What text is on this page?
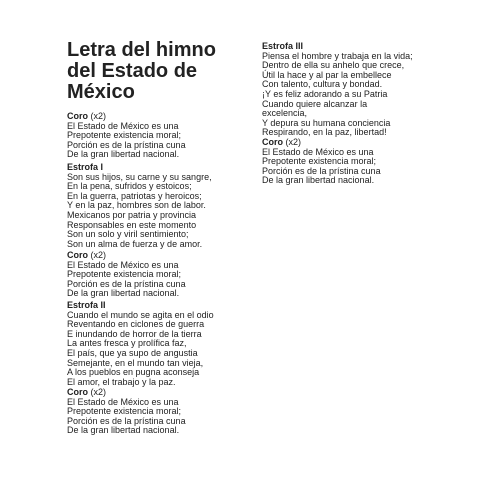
Letra del himno
del Estado de
México
Coro (x2)
El Estado de México es una
Prepotente existencia moral;
Porción es de la prístina cuna
De la gran libertad nacional.
Estrofa I
Son sus hijos, su carne y su sangre,
En la pena, sufridos y estoicos;
En la guerra, patriotas y heroicos;
Y en la paz, hombres son de labor.
Mexicanos por patria y provincia
Responsables en este momento
Son un solo y viril sentimiento;
Son un alma de fuerza y de amor.
Coro (x2)
El Estado de México es una
Prepotente existencia moral;
Porción es de la prístina cuna
De la gran libertad nacional.
Estrofa II
Cuando el mundo se agita en el odio
Reventando en ciclones de guerra
E inundando de horror de la tierra
La antes fresca y prolífica faz,
El país, que ya supo de angustia
Semejante, en el mundo tan vieja,
A los pueblos en pugna aconseja
El amor, el trabajo y la paz.
Coro (x2)
El Estado de México es una
Prepotente existencia moral;
Porción es de la prístina cuna
De la gran libertad nacional.
Estrofa III
Piensa el hombre y trabaja en la vida;
Dentro de ella su anhelo que crece,
Útil la hace y al par la embellece
Con talento, cultura y bondad.
¡Y es feliz adorando a su Patria
Cuando quiere alcanzar la
excelencia,
Y depura su humana conciencia
Respirando, en la paz, libertad!
Coro (x2)
El Estado de México es una
Prepotente existencia moral;
Porción es de la prístina cuna
De la gran libertad nacional.
